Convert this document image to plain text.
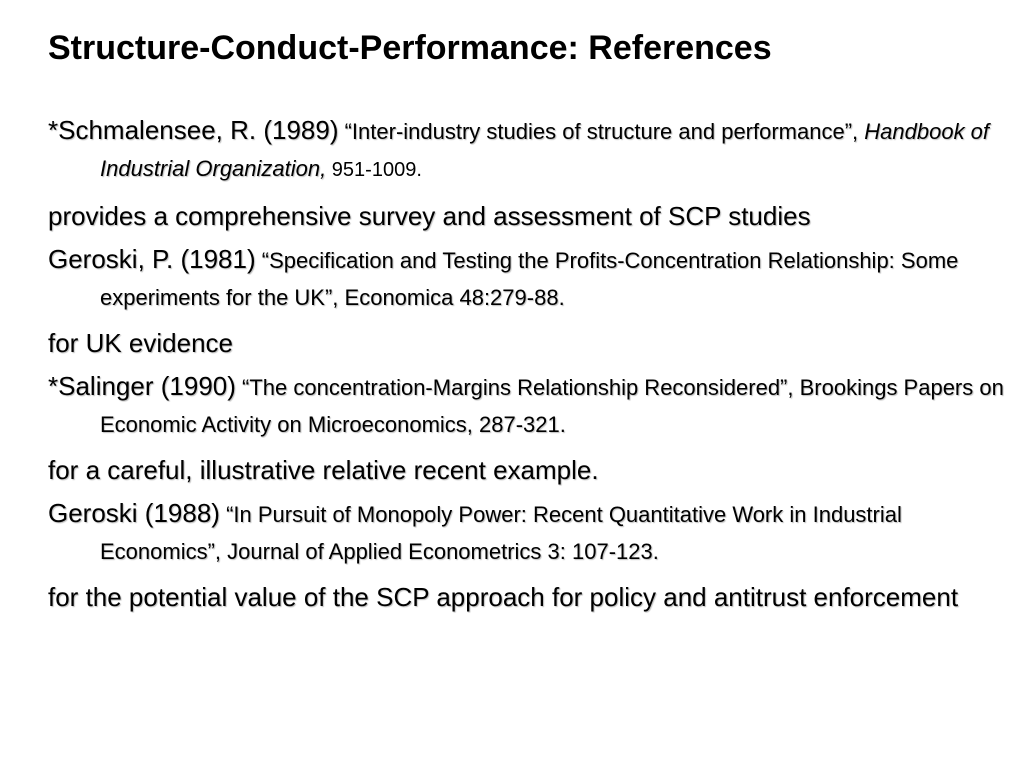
Structure-Conduct-Performance: References

*Schmalensee, R. (1989) “Inter-industry studies of structure and performance”, Handbook of Industrial Organization, 951-1009.

provides a comprehensive survey and assessment of SCP studies

Geroski, P. (1981) “Specification and Testing the Profits-Concentration Relationship: Some experiments for the UK”, Economica 48:279-88.

for UK evidence

*Salinger (1990) “The concentration-Margins Relationship Reconsidered”, Brookings Papers on Economic Activity on Microeconomics, 287-321.

for a careful, illustrative relative recent example.

Geroski (1988) “In Pursuit of Monopoly Power: Recent Quantitative Work in Industrial Economics”, Journal of Applied Econometrics 3: 107-123.

for the potential value of the SCP approach for policy and antitrust enforcement
